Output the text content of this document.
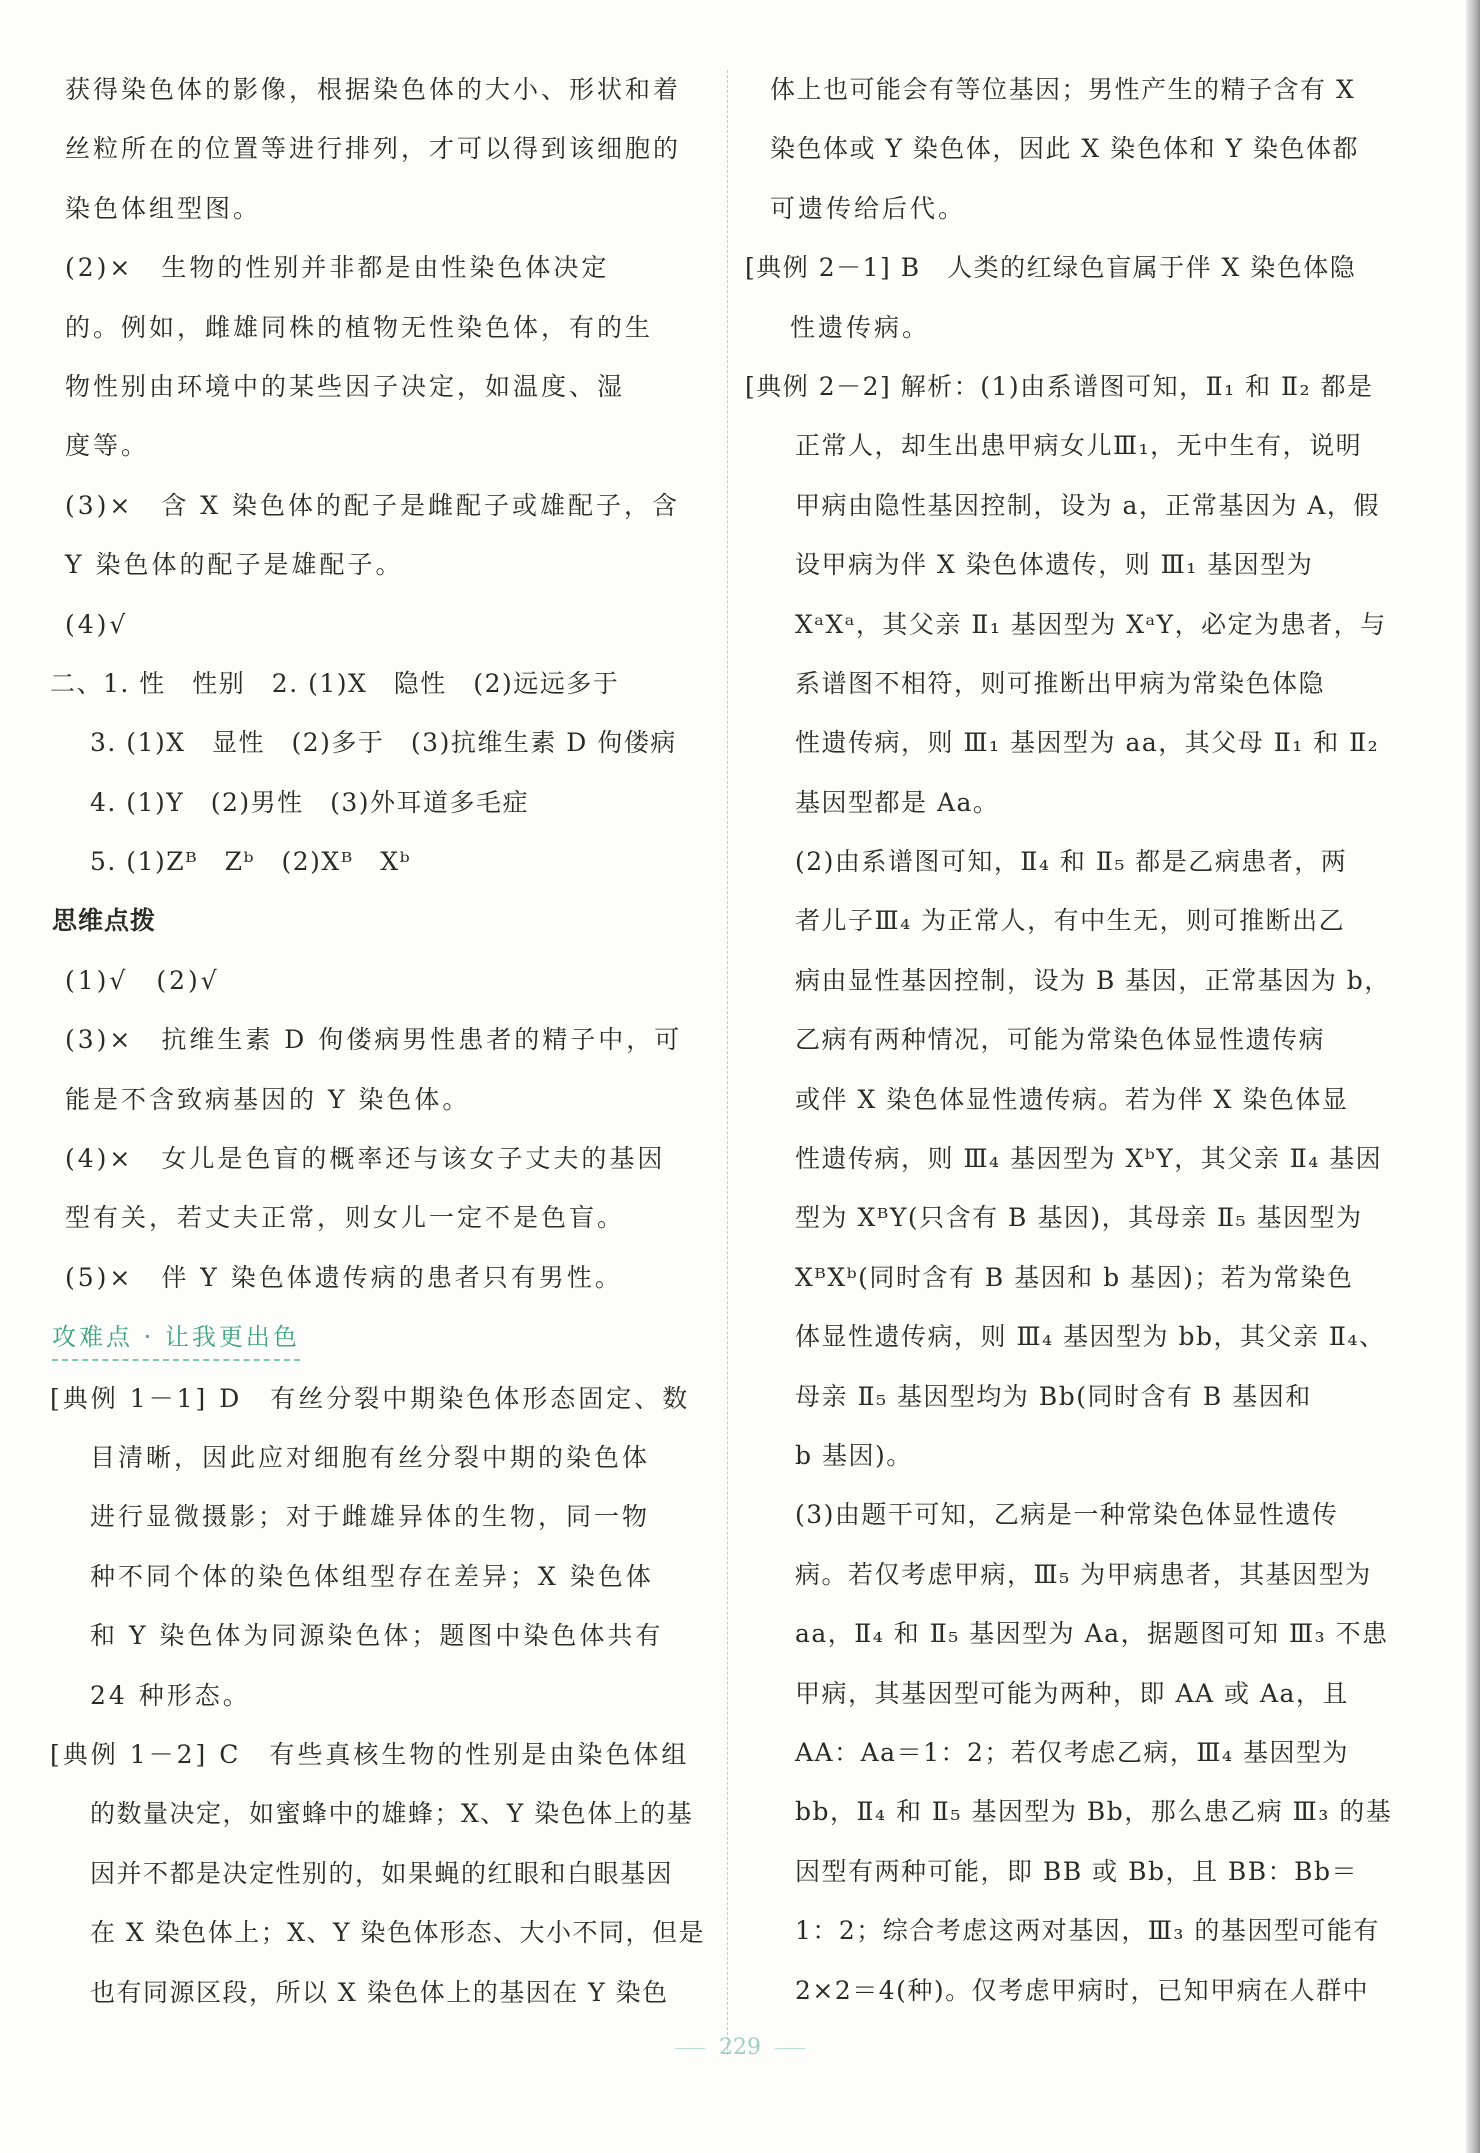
获得染色体的影像，根据染色体的大小、形状和着
丝粒所在的位置等进行排列，才可以得到该细胞的
染色体组型图。
(2)×　生物的性别并非都是由性染色体决定
的。例如，雌雄同株的植物无性染色体，有的生
物性别由环境中的某些因子决定，如温度、湿
度等。
(3)×　含 X 染色体的配子是雌配子或雄配子，含
Y 染色体的配子是雄配子。
(4)√
二、1. 性　性别　2. (1)X　隐性　(2)远远多于
3. (1)X　显性　(2)多于　(3)抗维生素 D 佝偻病
4. (1)Y　(2)男性　(3)外耳道多毛症
5. (1)Zᴮ　Zᵇ　(2)Xᴮ　Xᵇ
思维点拨
(1)√　(2)√
(3)×　抗维生素 D 佝偻病男性患者的精子中，可
能是不含致病基因的 Y 染色体。
(4)×　女儿是色盲的概率还与该女子丈夫的基因
型有关，若丈夫正常，则女儿一定不是色盲。
(5)×　伴 Y 染色体遗传病的患者只有男性。
攻难点 · 让我更出色
[典例 1－1] D　有丝分裂中期染色体形态固定、数
目清晰，因此应对细胞有丝分裂中期的染色体
进行显微摄影；对于雌雄异体的生物，同一物
种不同个体的染色体组型存在差异；X 染色体
和 Y 染色体为同源染色体；题图中染色体共有
24 种形态。
[典例 1－2] C　有些真核生物的性别是由染色体组
的数量决定，如蜜蜂中的雄蜂；X、Y 染色体上的基
因并不都是决定性别的，如果蝇的红眼和白眼基因
在 X 染色体上；X、Y 染色体形态、大小不同，但是
也有同源区段，所以 X 染色体上的基因在 Y 染色
体上也可能会有等位基因；男性产生的精子含有 X
染色体或 Y 染色体，因此 X 染色体和 Y 染色体都
可遗传给后代。
[典例 2－1] B　人类的红绿色盲属于伴 X 染色体隐
性遗传病。
[典例 2－2] 解析：(1)由系谱图可知，Ⅱ₁ 和 Ⅱ₂ 都是
正常人，却生出患甲病女儿Ⅲ₁，无中生有，说明
甲病由隐性基因控制，设为 a，正常基因为 A，假
设甲病为伴 X 染色体遗传，则 Ⅲ₁ 基因型为
XᵃXᵃ，其父亲 Ⅱ₁ 基因型为 XᵃY，必定为患者，与
系谱图不相符，则可推断出甲病为常染色体隐
性遗传病，则 Ⅲ₁ 基因型为 aa，其父母 Ⅱ₁ 和 Ⅱ₂
基因型都是 Aa。
(2)由系谱图可知，Ⅱ₄ 和 Ⅱ₅ 都是乙病患者，两
者儿子Ⅲ₄ 为正常人，有中生无，则可推断出乙
病由显性基因控制，设为 B 基因，正常基因为 b，
乙病有两种情况，可能为常染色体显性遗传病
或伴 X 染色体显性遗传病。若为伴 X 染色体显
性遗传病，则 Ⅲ₄ 基因型为 XᵇY，其父亲 Ⅱ₄ 基因
型为 XᴮY(只含有 B 基因)，其母亲 Ⅱ₅ 基因型为
XᴮXᵇ(同时含有 B 基因和 b 基因)；若为常染色
体显性遗传病，则 Ⅲ₄ 基因型为 bb，其父亲 Ⅱ₄、
母亲 Ⅱ₅ 基因型均为 Bb(同时含有 B 基因和
b 基因)。
(3)由题干可知，乙病是一种常染色体显性遗传
病。若仅考虑甲病，Ⅲ₅ 为甲病患者，其基因型为
aa，Ⅱ₄ 和 Ⅱ₅ 基因型为 Aa，据题图可知 Ⅲ₃ 不患
甲病，其基因型可能为两种，即 AA 或 Aa，且
AA：Aa＝1：2；若仅考虑乙病，Ⅲ₄ 基因型为
bb，Ⅱ₄ 和 Ⅱ₅ 基因型为 Bb，那么患乙病 Ⅲ₃ 的基
因型有两种可能，即 BB 或 Bb，且 BB：Bb＝
1：2；综合考虑这两对基因，Ⅲ₃ 的基因型可能有
2×2＝4(种)。仅考虑甲病时，已知甲病在人群中
229
